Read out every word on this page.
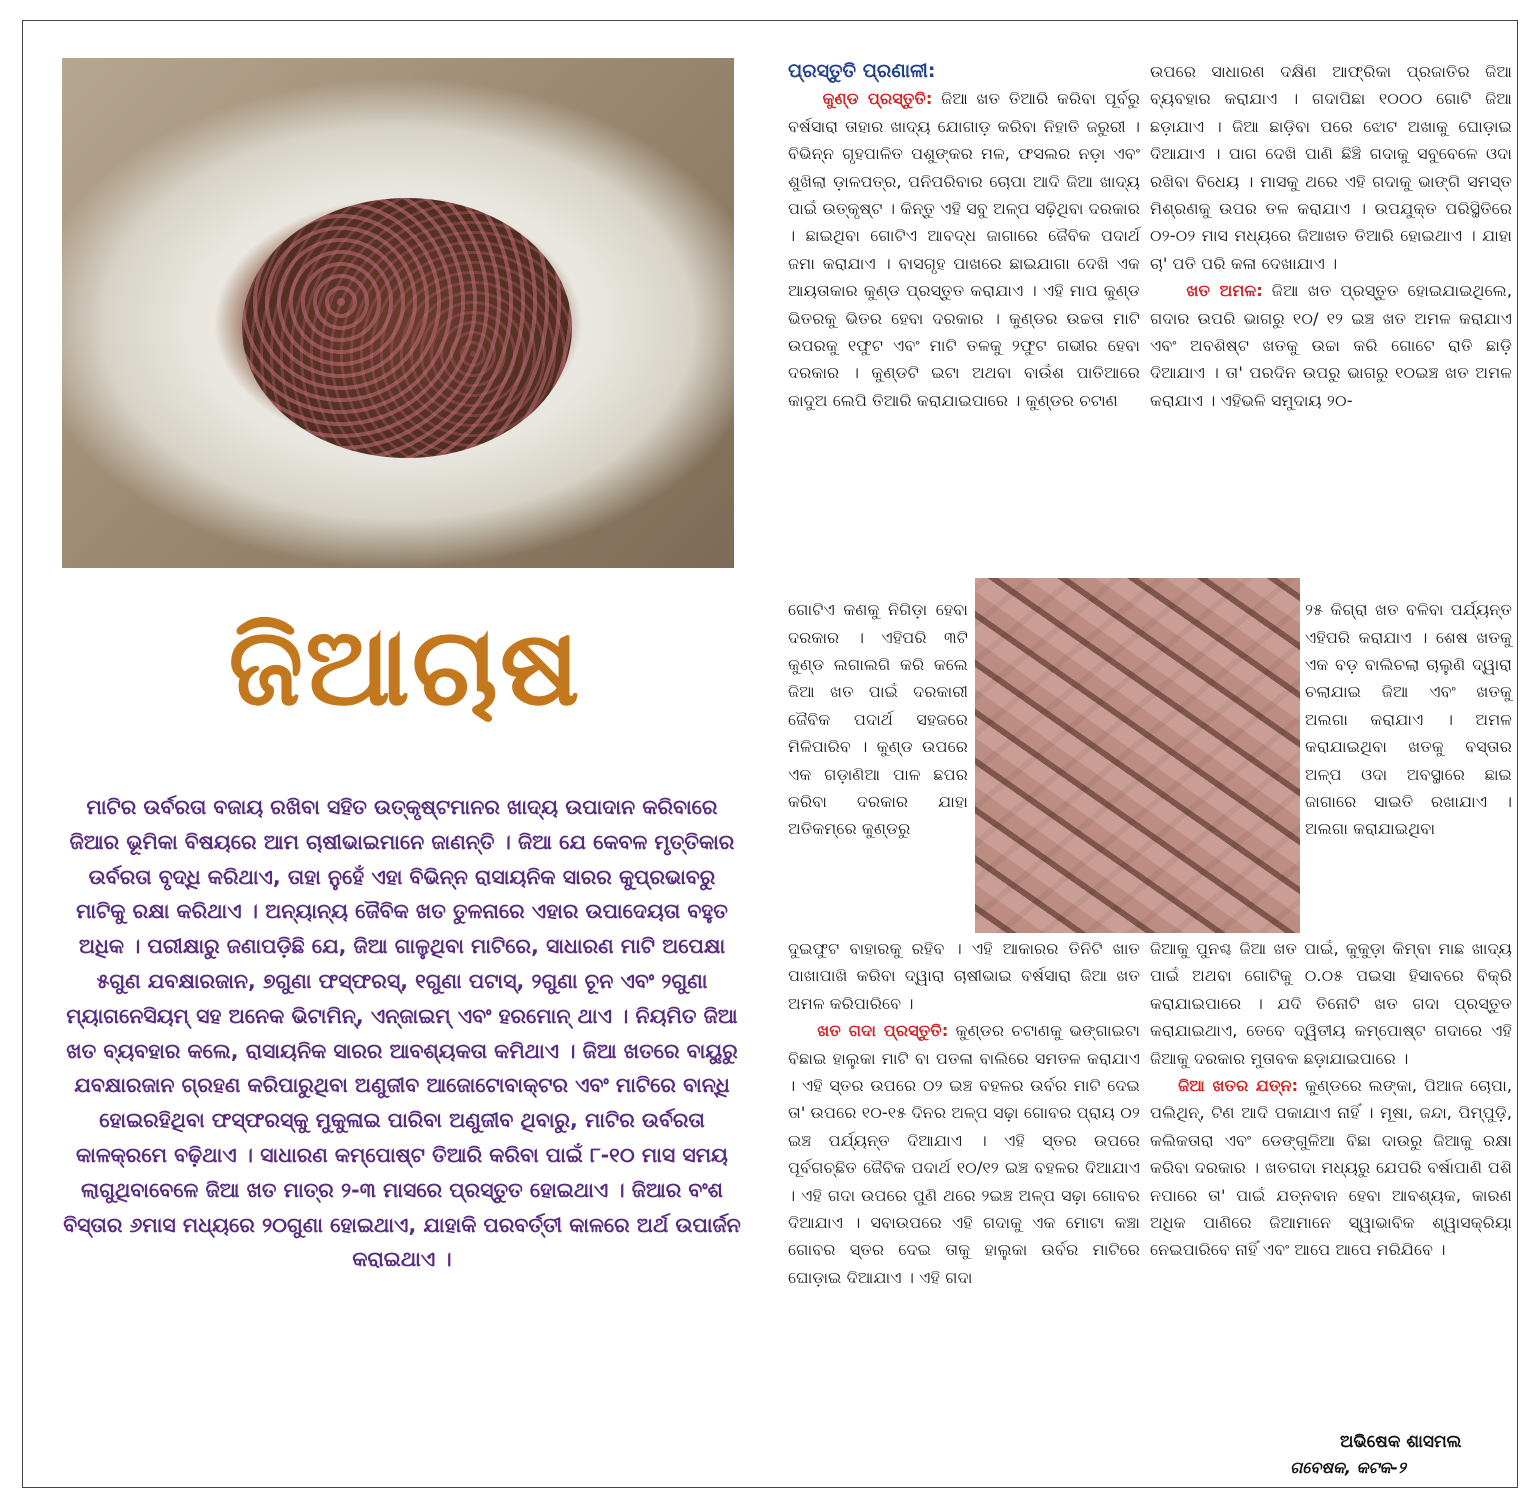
ଜିଆଚାଷ
ମାଟିର ଉର୍ବରତା ବଜାୟ ରଖିବା ସହିତ ଉତ୍କୃଷ୍ଟମାନର ଖାଦ୍ୟ ଉପାଦାନ କରିବାରେ ଜିଆର ଭୂମିକା ବିଷୟରେ ଆମ ଚାଷୀଭାଇମାନେ ଜାଣନ୍ତି । ଜିଆ ଯେ କେବଳ ମୃତ୍ତିକାର ଉର୍ବରତା ବୃଦ୍ଧି କରିଥାଏ, ତାହା ନୁହେଁ ଏହା ବିଭିନ୍ନ ରାସାୟନିକ ସାରର କୁପ୍ରଭାବରୁ ମାଟିକୁ ରକ୍ଷା କରିଥାଏ । ଅନ୍ୟାନ୍ୟ ଜୈବିକ ଖତ ତୁଳନାରେ ଏହାର ଉପାଦେୟତା ବହୁତ ଅଧିକ । ପରୀକ୍ଷାରୁ ଜଣାପଡ଼ିଛି ଯେ, ଜିଆ ଗାଳୁଥିବା ମାଟିରେ, ସାଧାରଣ ମାଟି ଅପେକ୍ଷା ୫ଗୁଣ ଯବକ୍ଷାରଜାନ, ୭ଗୁଣା ଫସ୍ଫରସ୍, ୧ଗୁଣା ପଟାସ୍, ୨ଗୁଣା ଚୂନ ଏବଂ ୨ଗୁଣା ମ୍ୟାଗନେସିୟମ୍ ସହ ଅନେକ ଭିଟାମିନ୍, ଏନ୍‌ଜାଇମ୍ ଏବଂ ହରମୋନ୍ ଥାଏ । ନିୟମିତ ଜିଆ ଖତ ବ୍ୟବହାର କଲେ, ରାସାୟନିକ ସାରର ଆବଶ୍ୟକତା କମିଥାଏ । ଜିଆ ଖତରେ ବାୟୁରୁ ଯବକ୍ଷାରଜାନ ଗ୍ରହଣ କରିପାରୁଥିବା ଅଣୁଜୀବ ଆଜୋଟୋବାକ୍ଟର ଏବଂ ମାଟିରେ ବାନ୍ଧି ହୋଇରହିଥିବା ଫସ୍ଫରସ୍‌କୁ ମୁକୁଳାଇ ପାରିବା ଅଣୁଜୀବ ଥିବାରୁ, ମାଟିର ଉର୍ବରତା କାଳକ୍ରମେ ବଢ଼ିଥାଏ । ସାଧାରଣ କମ୍ପୋଷ୍ଟ ତିଆରି କରିବା ପାଇଁ ୮-୧୦ ମାସ ସମୟ ଲାଗୁଥିବାବେଳେ ଜିଆ ଖତ ମାତ୍ର ୨-୩ ମାସରେ ପ୍ରସ୍ତୁତ ହୋଇଥାଏ । ଜିଆର ବଂଶ ବିସ୍ତାର ୬ମାସ ମଧ୍ୟରେ ୨୦ଗୁଣା ହୋଇଥାଏ, ଯାହାକି ପରବର୍ତ୍ତୀ କାଳରେ ଅର୍ଥ ଉପାର୍ଜନ କରାଇଥାଏ ।

ପ୍ରସ୍ତୁତି ପ୍ରଣାଳୀ:

କୁଣ୍ଡ ପ୍ରସ୍ତୁତି: ଜିଆ ଖତ ତିଆରି କରିବା ପୂର୍ବରୁ ବର୍ଷସାରା ତାହାର ଖାଦ୍ୟ ଯୋଗାଡ଼ କରିବା ନିହାତି ଜରୁରୀ । ବିଭିନ୍ନ ଗୃହପାଳିତ ପଶୁଙ୍କର ମଳ, ଫସଲର ନଡ଼ା ଏବଂ ଶୁଖିଲା ଡ଼ାଳପତ୍ର, ପନିପରିବାର ଚୋପା ଆଦି ଜିଆ ଖାଦ୍ୟ ପାଇଁ ଉତ୍କୃଷ୍ଟ । କିନ୍ତୁ ଏହି ସବୁ ଅଳ୍ପ ସଢ଼ିଥିବା ଦରକାର । ଛାଇଥିବା ଗୋଟିଏ ଆବଦ୍ଧ ଜାଗାରେ ଜୈବିକ ପଦାର୍ଥ ଜମା କରାଯାଏ । ବାସଗୃହ ପାଖରେ ଛାଇଯାଗା ଦେଖି ଏକ ଆୟତାକାର କୁଣ୍ଡ ପ୍ରସ୍ତୁତ କରାଯାଏ । ଏହି ମାପ କୁଣ୍ଡ ଭିତରକୁ ଭିତର ହେବା ଦରକାର । କୁଣ୍ଡର ଉଚ୍ଚତା ମାଟି ଉପରକୁ ୧ଫୁଟ ଏବଂ ମାଟି ତଳକୁ ୨ଫୁଟ ଗଭୀର ହେବା ଦରକାର । କୁଣ୍ଡଟି ଇଟା ଅଥବା ବାଉଁଶ ପାତିଆରେ କାଦୁଅ ଲେପି ତିଆରି କରାଯାଇପାରେ । କୁଣ୍ଡର ଚଟାଣ

ଗୋଟିଏ କଣକୁ ନିଗିଡ଼ା ହେବା ଦରକାର । ଏହିପରି ୩ଟି କୁଣ୍ଡ ଲଗାଲଗି କରି କଲେ ଜିଆ ଖତ ପାଇଁ ଦରକାରୀ ଜୈବିକ ପଦାର୍ଥ ସହଜରେ ମିଳିପାରିବ । କୁଣ୍ଡ ଉପରେ ଏକ ଗଡ଼ାଣିଆ ପାଳ ଛପର କରିବା ଦରକାର ଯାହା ଅତିକମ୍‌ରେ କୁଣ୍ଡରୁ

ଦୁଇଫୁଟ ବାହାରକୁ ରହିବ । ଏହି ଆକାରର ତିନିଟି ଖାତ ପାଖାପାଖି କରିବା ଦ୍ୱାରା ଚାଷୀଭାଇ ବର୍ଷସାରା ଜିଆ ଖତ ଅମଳ କରିପାରିବେ ।

ଖତ ଗଦା ପ୍ରସ୍ତୁତି: କୁଣ୍ଡର ଚଟାଣକୁ ଭଙ୍ଗାଇଟା ବିଛାଇ ହାଲୁକା ମାଟି ବା ପତଳା ବାଲିରେ ସମତଳ କରାଯାଏ । ଏହି ସ୍ତର ଉପରେ ୦୨ ଇଞ୍ଚ ବହଳର ଉର୍ବର ମାଟି ଦେଇ ତା' ଉପରେ ୧୦-୧୫ ଦିନର ଅଳ୍ପ ସଢ଼ା ଗୋବର ପ୍ରାୟ ୦୨ ଇଞ୍ଚ ପର୍ଯ୍ୟନ୍ତ ଦିଆଯାଏ । ଏହି ସ୍ତର ଉପରେ ପୂର୍ବଗଚ୍ଛିତ ଜୈବିକ ପଦାର୍ଥ ୧୦/୧୨ ଇଞ୍ଚ ବହଳର ଦିଆଯାଏ । ଏହି ଗଦା ଉପରେ ପୁଣି ଥରେ ୨ଇଞ୍ଚ ଅଳ୍ପ ସଢ଼ା ଗୋବର ଦିଆଯାଏ । ସବାଉପରେ ଏହି ଗଦାକୁ ଏକ ମୋଟା କଞ୍ଚା ଗୋବର ସ୍ତର ଦେଇ ତାକୁ ହାଲୁକା ଉର୍ବର ମାଟିରେ ଘୋଡ଼ାଇ ଦିଆଯାଏ । ଏହି ଗଦା

ଉପରେ ସାଧାରଣ ଦକ୍ଷିଣ ଆଫ୍ରିକା ପ୍ରଜାତିର ଜିଆ ବ୍ୟବହାର କରାଯାଏ । ଗଦାପିଛା ୧୦୦୦ ଗୋଟି ଜିଆ ଛଡ଼ାଯାଏ । ଜିଆ ଛାଡ଼ିବା ପରେ ଝୋଟ ଅଖାକୁ ଘୋଡ଼ାଇ ଦିଆଯାଏ । ପାଗ ଦେଖି ପାଣି ଛିଞ୍ଚି ଗଦାକୁ ସବୁବେଳେ ଓଦା ରଖିବା ବିଧେୟ । ମାସକୁ ଥରେ ଏହି ଗଦାକୁ ଭାଙ୍ଗି ସମସ୍ତ ମିଶ୍ରଣକୁ ଉପର ତଳ କରାଯାଏ । ଉପଯୁକ୍ତ ପରିସ୍ଥିତିରେ ୦୨-୦୨ ମାସ ମଧ୍ୟରେ ଜିଆଖତ ତିଆରି ହୋଇଥାଏ । ଯାହା ଚା' ପତି ପରି କଳା ଦେଖାଯାଏ ।

ଖତ ଅମଳ: ଜିଆ ଖତ ପ୍ରସ୍ତୁତ ହୋଇଯାଇଥିଲେ, ଗଦାର ଉପରି ଭାଗରୁ ୧୦/ ୧୨ ଇଞ୍ଚ ଖତ ଅମଳ କରାଯାଏ ଏବଂ ଅବଶିଷ୍ଟ ଖତକୁ ଉଚ୍ଚା କରି ଗୋଟେ ରାତି ଛାଡ଼ି ଦିଆଯାଏ । ତା' ପରଦିନ ଉପରୁ ଭାଗରୁ ୧୦ଇଞ୍ଚ ଖତ ଅମଳ କରାଯାଏ । ଏହିଭଳି ସମୁଦାୟ ୨୦-

୨୫ କିଗ୍ରା ଖତ ବଳିବା ପର୍ଯ୍ୟନ୍ତ ଏହିପରି କରାଯାଏ । ଶେଷ ଖତକୁ ଏକ ବଡ଼ ବାଲିଚଲା ଚାଲୁଣି ଦ୍ୱାରା ଚଲାଯାଇ ଜିଆ ଏବଂ ଖତକୁ ଅଲଗା କରାଯାଏ । ଅମଳ କରାଯାଇଥିବା ଖତକୁ ବସ୍ତାର ଅଳ୍ପ ଓଦା ଅବସ୍ଥାରେ ଛାଇ ଜାଗାରେ ସାଇତି ରଖାଯାଏ । ଅଲଗା କରାଯାଇଥିବା

ଜିଆକୁ ପୁନଶ୍ଚ ଜିଆ ଖତ ପାଇଁ, କୁକୁଡ଼ା କିମ୍ବା ମାଛ ଖାଦ୍ୟ ପାଇଁ ଅଥବା ଗୋଟିକୁ ୦.୦୫ ପଇସା ହିସାବରେ ବିକ୍ରି କରାଯାଇପାରେ । ଯଦି ତିନୋଟି ଖତ ଗଦା ପ୍ରସ୍ତୁତ କରାଯାଇଥାଏ, ତେବେ ଦ୍ୱିତୀୟ କମ୍ପୋଷ୍ଟ ଗଦାରେ ଏହି ଜିଆକୁ ଦରକାର ମୁତାବକ ଛଡ଼ାଯାଇପାରେ ।

ଜିଆ ଖତର ଯତ୍ନ: କୁଣ୍ଡରେ ଲଙ୍କା, ପିଆଜ ଚୋପା, ପଲିଥିନ୍, ଟିଣ ଆଦି ପକାଯାଏ ନାହିଁ । ମୂଷା, ଜନ୍ଦା, ପିମ୍ପୁଡ଼ି, କଲିକତାରା ଏବଂ ଡେଙ୍ଗୁଳିଆ ବିଛା ଦାଉରୁ ଜିଆକୁ ରକ୍ଷା କରିବା ଦରକାର । ଖତଗଦା ମଧ୍ୟରୁ ଯେପରି ବର୍ଷାପାଣି ପଶି ନପାରେ ତା' ପାଇଁ ଯତ୍ନବାନ ହେବା ଆବଶ୍ୟକ, କାରଣ ଅଧିକ ପାଣିରେ ଜିଆମାନେ ସ୍ୱାଭାବିକ ଶ୍ୱାସକ୍ରିୟା ନେଇପାରିବେ ନାହିଁ ଏବଂ ଆପେ ଆପେ ମରିଯିବେ ।

ଅଭିଷେକ ଶାସମଲ
ଗବେଷକ, କଟକ-୨
